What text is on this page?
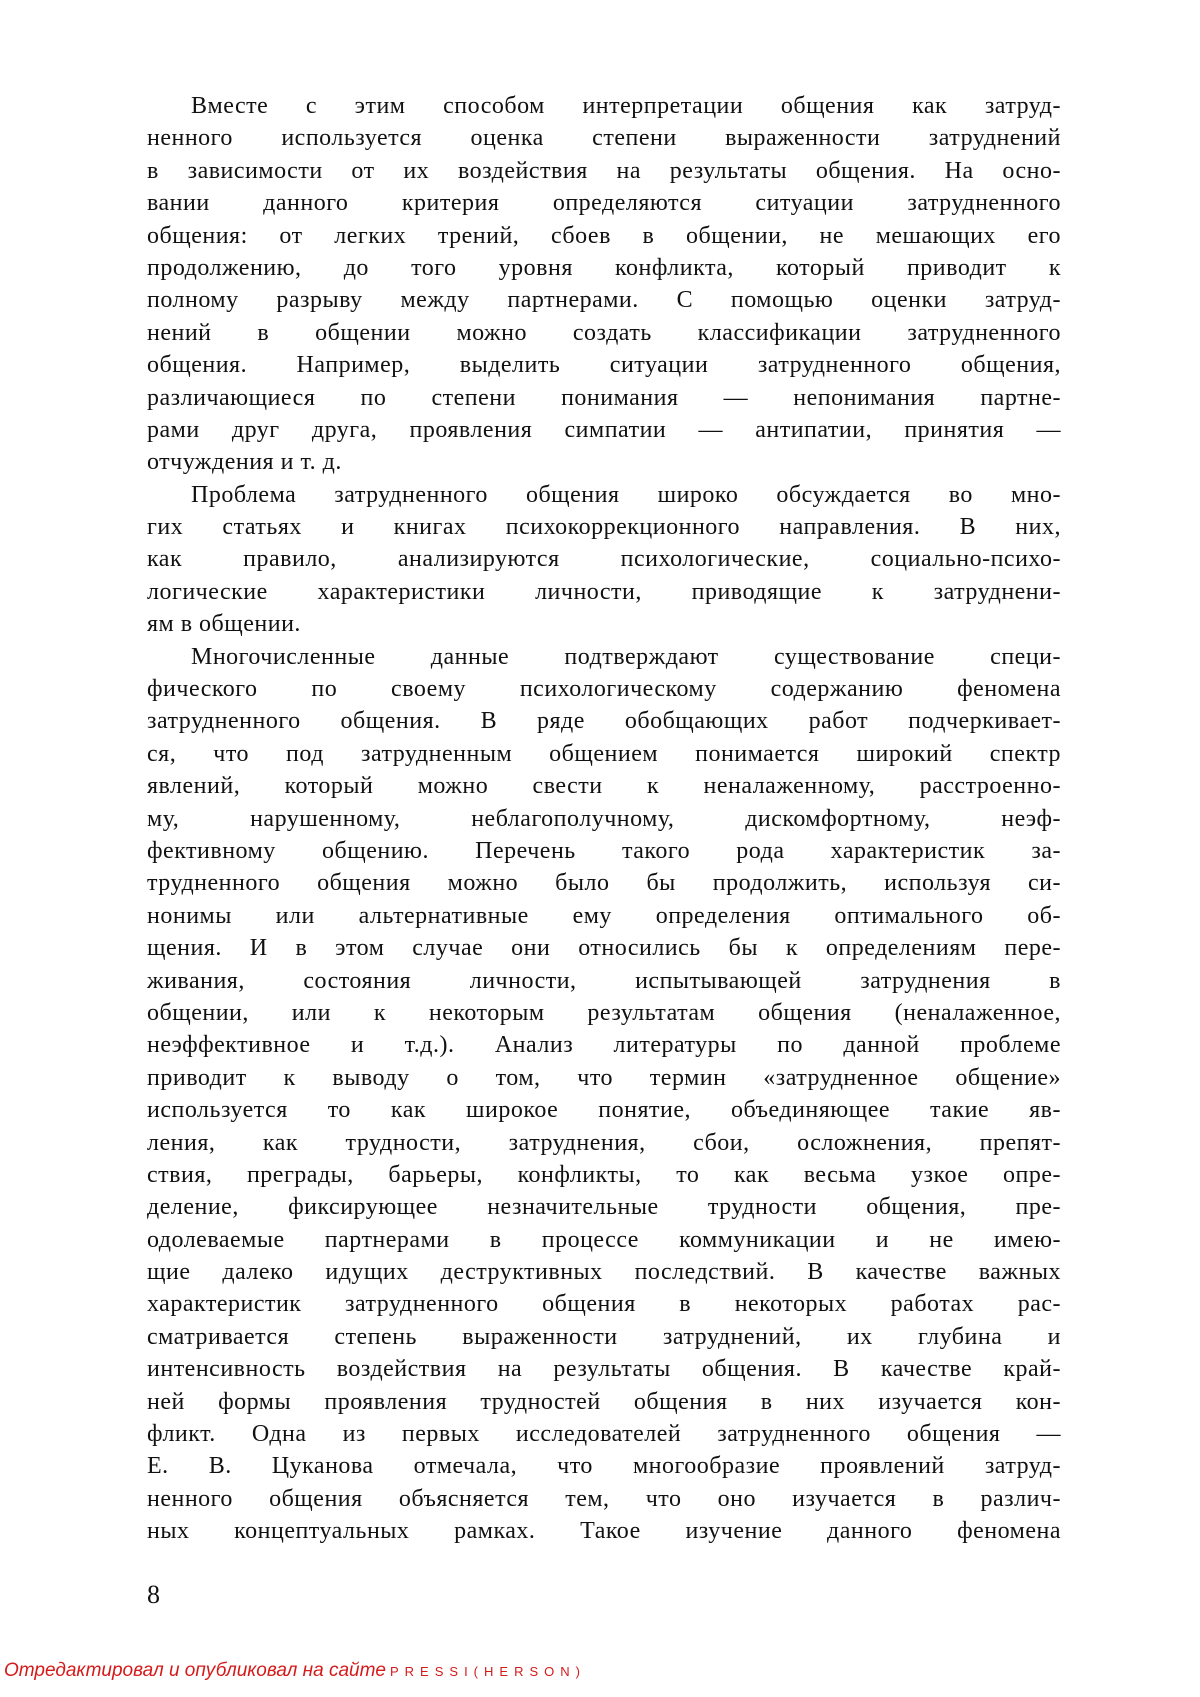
Вместе с этим способом интерпретации общения как затруд-
ненного используется оценка степени выраженности затруднений
в зависимости от их воздействия на результаты общения. На осно-
вании данного критерия определяются ситуации затрудненного
общения: от легких трений, сбоев в общении, не мешающих его
продолжению, до того уровня конфликта, который приводит к
полному разрыву между партнерами. С помощью оценки затруд-
нений в общении можно создать классификации затрудненного
общения. Например, выделить ситуации затрудненного общения,
различающиеся по степени понимания — непонимания партне-
рами друг друга, проявления симпатии — антипатии, принятия —
отчуждения и т. д.
Проблема затрудненного общения широко обсуждается во мно-
гих статьях и книгах психокоррекционного направления. В них,
как правило, анализируются психологические, социально-психо-
логические характеристики личности, приводящие к затруднени-
ям в общении.
Многочисленные данные подтверждают существование специ-
фического по своему психологическому содержанию феномена
затрудненного общения. В ряде обобщающих работ подчеркивает-
ся, что под затрудненным общением понимается широкий спектр
явлений, который можно свести к неналаженному, расстроенно-
му, нарушенному, неблагополучному, дискомфортному, неэф-
фективному общению. Перечень такого рода характеристик за-
трудненного общения можно было бы продолжить, используя си-
нонимы или альтернативные ему определения оптимального об-
щения. И в этом случае они относились бы к определениям пере-
живания, состояния личности, испытывающей затруднения в
общении, или к некоторым результатам общения (неналаженное,
неэффективное и т.д.). Анализ литературы по данной проблеме
приводит к выводу о том, что термин «затрудненное общение»
используется то как широкое понятие, объединяющее такие яв-
ления, как трудности, затруднения, сбои, осложнения, препят-
ствия, преграды, барьеры, конфликты, то как весьма узкое опре-
деление, фиксирующее незначительные трудности общения, пре-
одолеваемые партнерами в процессе коммуникации и не имею-
щие далеко идущих деструктивных последствий. В качестве важных
характеристик затрудненного общения в некоторых работах рас-
сматривается степень выраженности затруднений, их глубина и
интенсивность воздействия на результаты общения. В качестве край-
ней формы проявления трудностей общения в них изучается кон-
фликт. Одна из первых исследователей затрудненного общения —
Е. В. Цуканова отмечала, что многообразие проявлений затруд-
ненного общения объясняется тем, что оно изучается в различ-
ных концептуальных рамках. Такое изучение данного феномена
8
Отредактировал и опубликовал на сайте PRESSI(HERSON)
